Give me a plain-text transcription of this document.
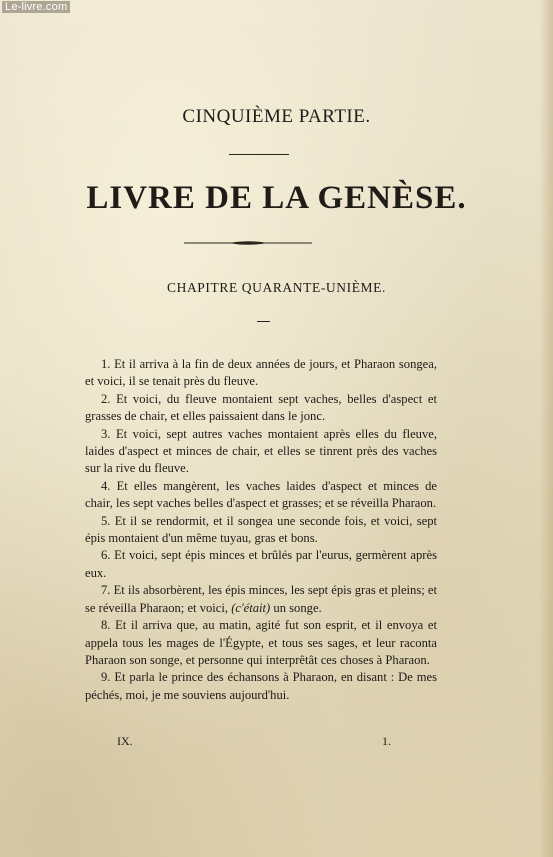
Le-livre.com
CINQUIÈME PARTIE.
LIVRE DE LA GENÈSE.
CHAPITRE QUARANTE-UNIÈME.

1. Et il arriva à la fin de deux années de jours, et Pharaon songea, et voici, il se tenait près du fleuve.

2. Et voici, du fleuve montaient sept vaches, belles d'aspect et grasses de chair, et elles paissaient dans le jonc.

3. Et voici, sept autres vaches montaient après elles du fleuve, laides d'aspect et minces de chair, et elles se tinrent près des vaches sur la rive du fleuve.

4. Et elles mangèrent, les vaches laides d'aspect et minces de chair, les sept vaches belles d'aspect et grasses; et se réveilla Pharaon.

5. Et il se rendormit, et il songea une seconde fois, et voici, sept épis montaient d'un même tuyau, gras et bons.

6. Et voici, sept épis minces et brûlés par l'eurus, germèrent après eux.

7. Et ils absorbèrent, les épis minces, les sept épis gras et pleins; et se réveilla Pharaon; et voici, (c'était) un songe.

8. Et il arriva que, au matin, agité fut son esprit, et il envoya et appela tous les mages de l'Égypte, et tous ses sages, et leur raconta Pharaon son songe, et personne qui interprêtât ces choses à Pharaon.

9. Et parla le prince des échansons à Pharaon, en disant : De mes péchés, moi, je me souviens aujourd'hui.

IX.	1.
